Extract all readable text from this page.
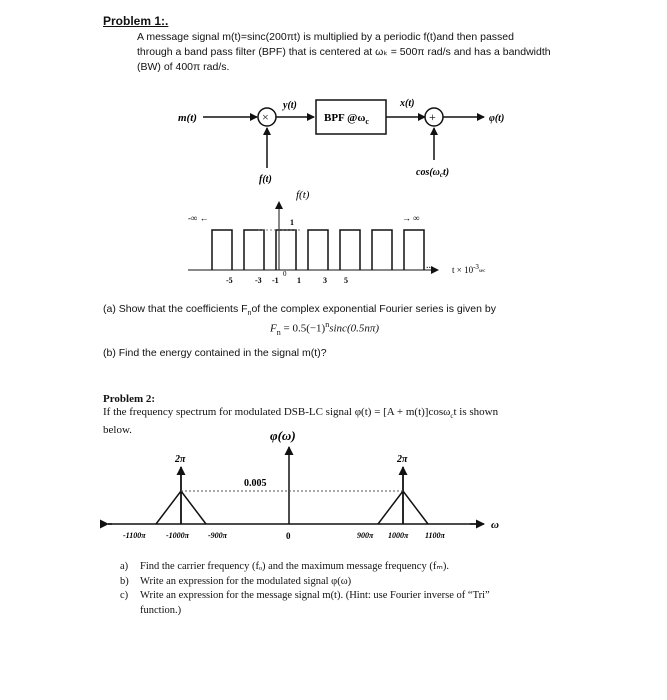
Problem 1:.
A message signal m(t)=sinc(200πt) is multiplied by a periodic f(t)and then passed
through a band pass filter (BPF) that is centered at ωₖ = 500π rad/s and has a bandwidth
(BW) of 400π rad/s.
m(t)	×
f(t)
y(t)
BPF $@\omega_c$
x(t)
+	φ(t)
$\cos(\omega_ct)$
f(t)
1
-∞ ←	→ ∞
...
-5	-3 -1
0
1	3 5
$t \times 10^{-3}_{sec}$
(a) Show that the coefficients $F_nof$ the complex exponential Fourier series is given by
$F_n = 0.5(-1)^n\sin c(0.5n\pi)$
(b) Find the energy contained in the signal m(t)?
Problem 2:
If the frequency spectrum for modulated DSB-LC signal φ(t) = [A + m(t)]cosω$_c$t is shown
below.	φ(ω)
ω
2π	2π
0.005
-1100π	-1000π -900π	0	900π 1000π 1100π
a)	Find the carrier frequency (fₒ) and the maximum message frequency (fₘ).
b)	Write an expression for the modulated signal φ(ω)
c)	Write an expression for the message signal m(t). (Hint: use Fourier inverse of “Tri”
function.)
